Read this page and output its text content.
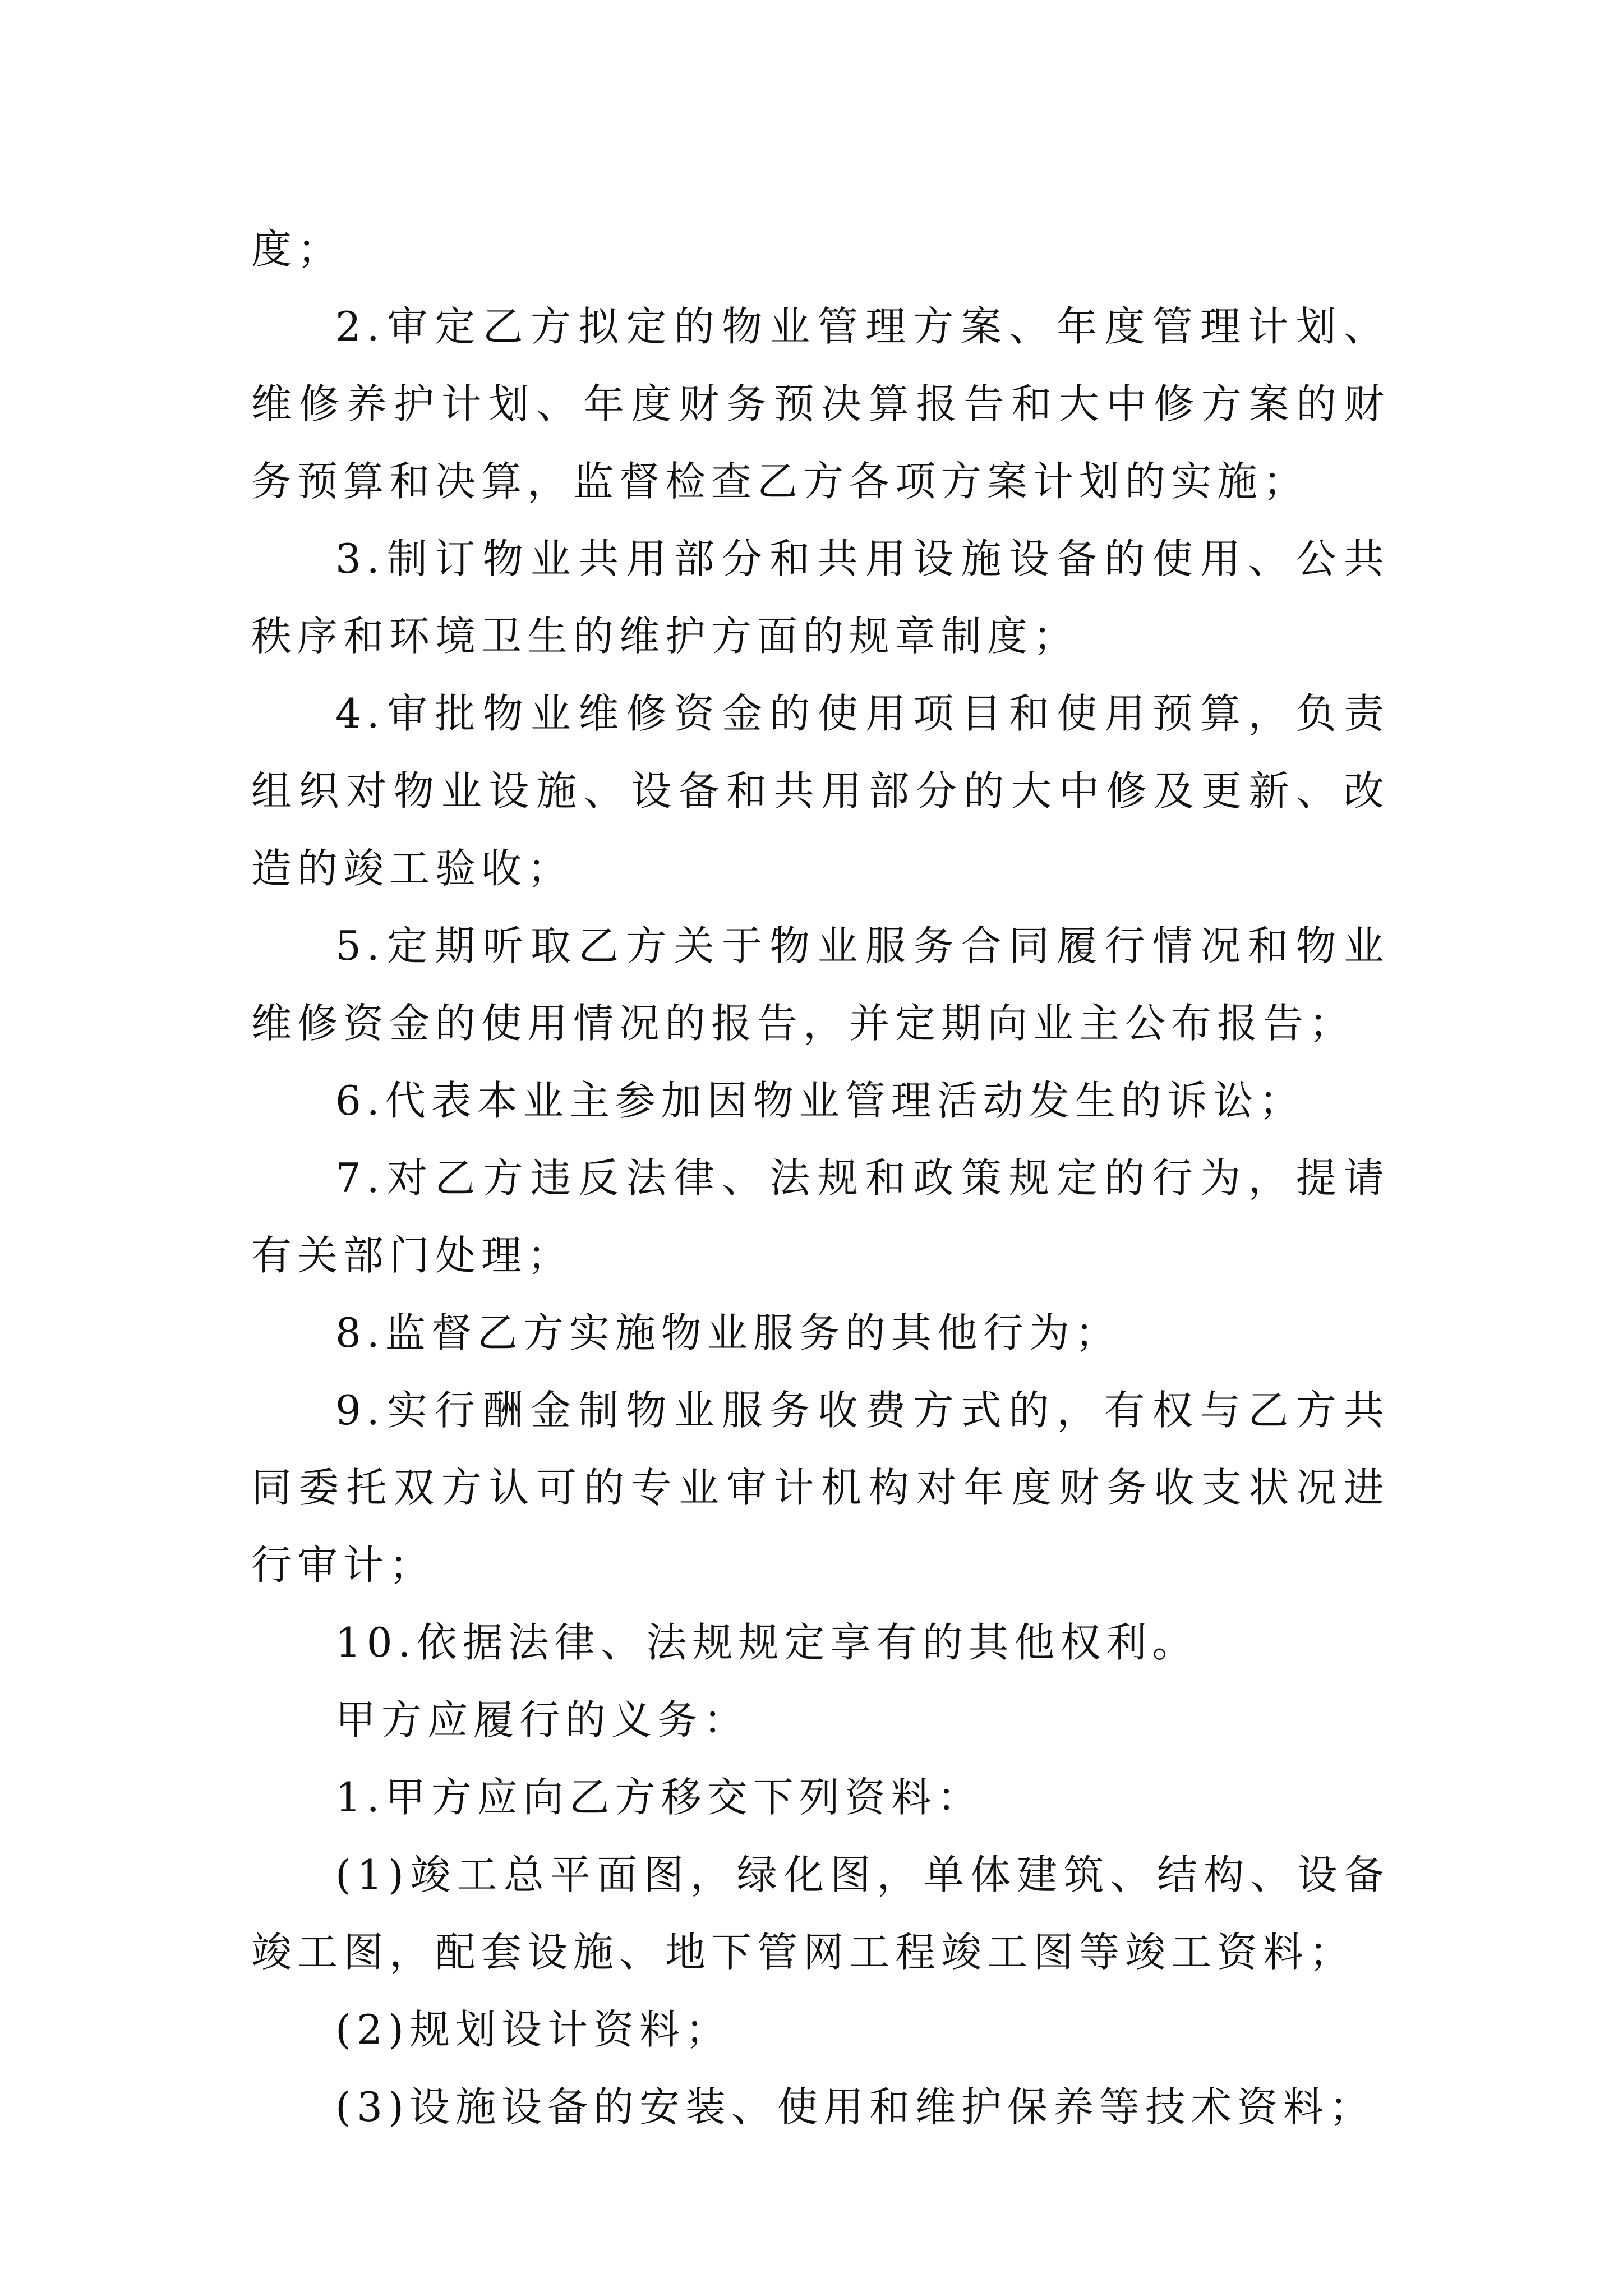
度；

2.审定乙方拟定的物业管理方案、年度管理计划、维修养护计划、年度财务预决算报告和大中修方案的财务预算和决算，监督检查乙方各项方案计划的实施；

3.制订物业共用部分和共用设施设备的使用、公共秩序和环境卫生的维护方面的规章制度；

4.审批物业维修资金的使用项目和使用预算，负责组织对物业设施、设备和共用部分的大中修及更新、改造的竣工验收；

5.定期听取乙方关于物业服务合同履行情况和物业维修资金的使用情况的报告，并定期向业主公布报告；

6.代表本业主参加因物业管理活动发生的诉讼；

7.对乙方违反法律、法规和政策规定的行为，提请有关部门处理；

8.监督乙方实施物业服务的其他行为；

9.实行酬金制物业服务收费方式的，有权与乙方共同委托双方认可的专业审计机构对年度财务收支状况进行审计；

10.依据法律、法规规定享有的其他权利。

甲方应履行的义务：

1.甲方应向乙方移交下列资料：

(1)竣工总平面图，绿化图，单体建筑、结构、设备竣工图，配套设施、地下管网工程竣工图等竣工资料；

(2)规划设计资料；

(3)设施设备的安装、使用和维护保养等技术资料；
